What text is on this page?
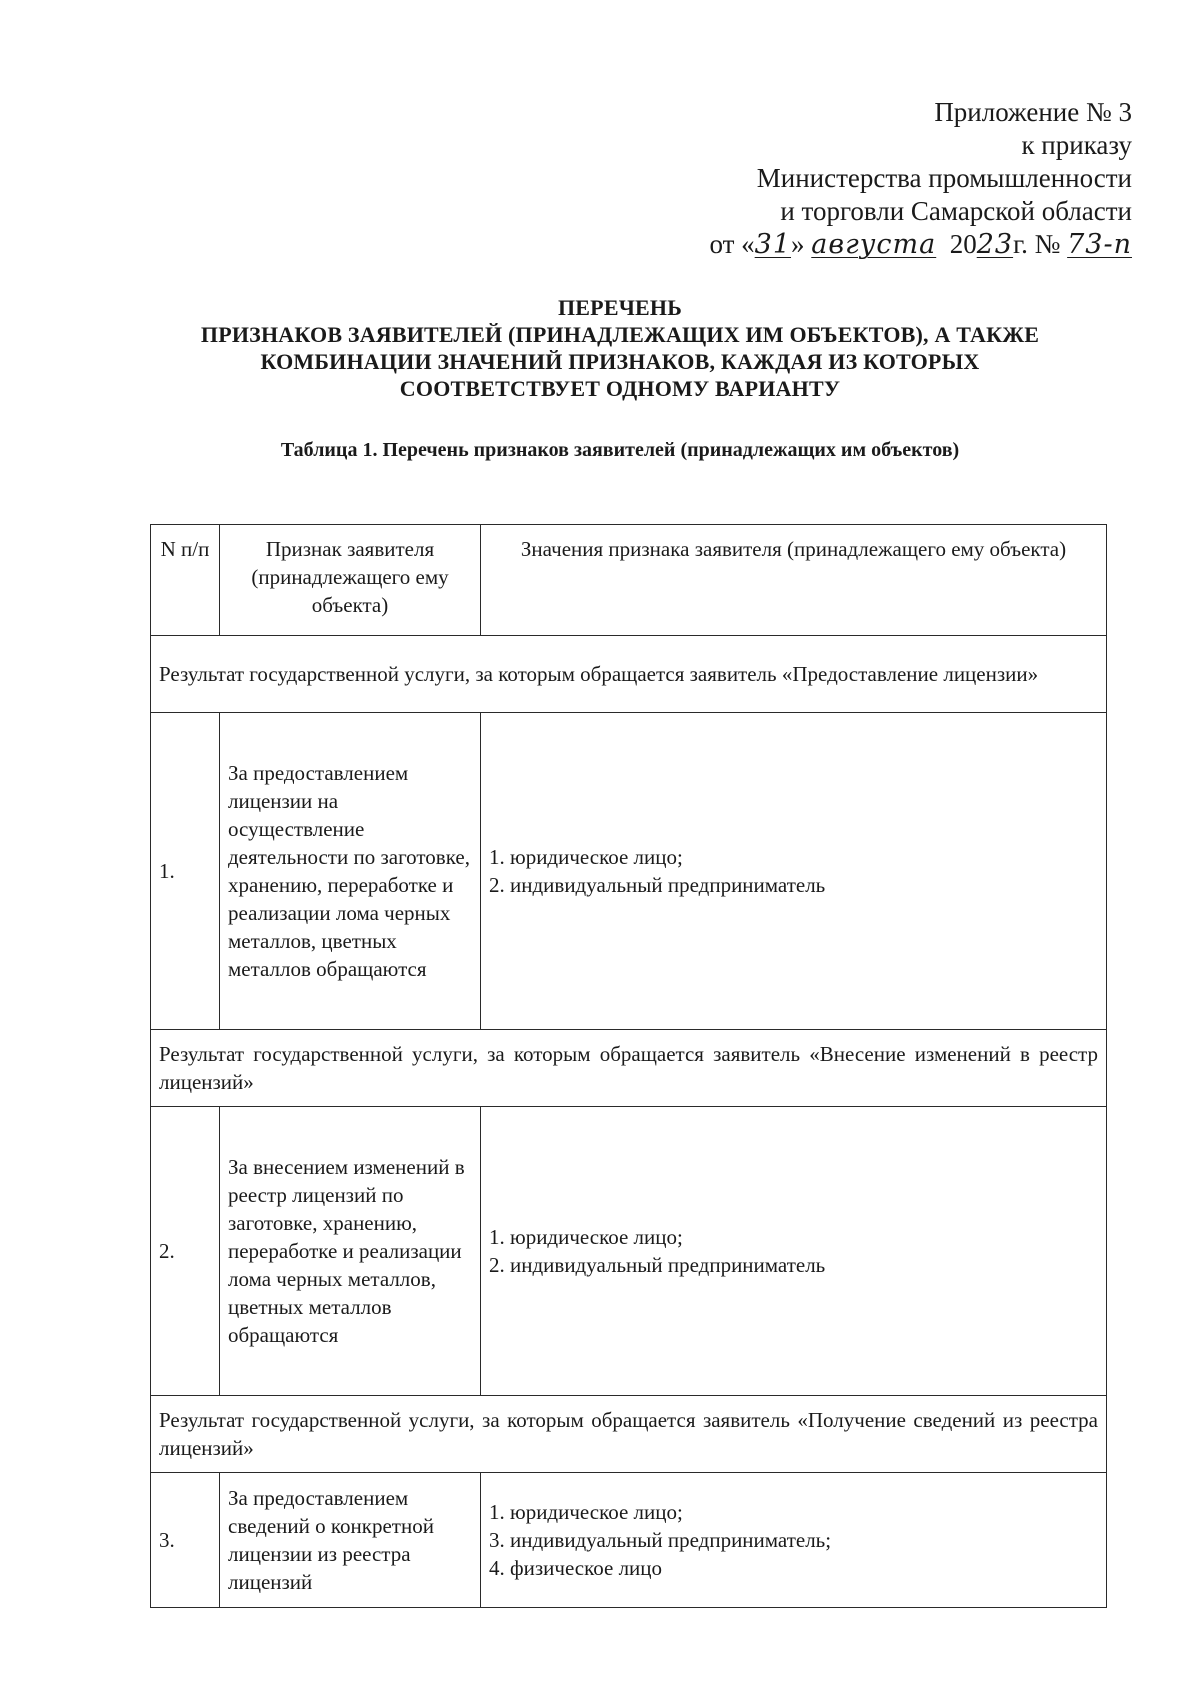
Приложение № 3
к приказу
Министерства промышленности
и торговли Самарской области
от «31» августа 2023г. № 73-п
ПЕРЕЧЕНЬ
ПРИЗНАКОВ ЗАЯВИТЕЛЕЙ (ПРИНАДЛЕЖАЩИХ ИМ ОБЪЕКТОВ), А ТАКЖЕ
КОМБИНАЦИИ ЗНАЧЕНИЙ ПРИЗНАКОВ, КАЖДАЯ ИЗ КОТОРЫХ
СООТВЕТСТВУЕТ ОДНОМУ ВАРИАНТУ
Таблица 1. Перечень признаков заявителей (принадлежащих им объектов)
N п/п	Признак заявителя (принадлежащего ему объекта)	Значения признака заявителя (принадлежащего ему объекта)
Результат государственной услуги, за которым обращается заявитель «Предоставление лицензии»		
1.	За предоставлением лицензии на осуществление деятельности по заготовке, хранению, переработке и реализации лома черных металлов, цветных металлов обращаются	1. юридическое лицо;
2. индивидуальный предприниматель

Результат государственной услуги, за которым обращается заявитель «Внесение изменений в реестр лицензий»		
2.	За внесением изменений в реестр лицензий по заготовке, хранению, переработке и реализации лома черных металлов, цветных металлов обращаются	1. юридическое лицо;
2. индивидуальный предприниматель

Результат государственной услуги, за которым обращается заявитель «Получение сведений из реестра лицензий»		
3.	За предоставлением сведений о конкретной лицензии из реестра лицензий	1. юридическое лицо;
3. индивидуальный предприниматель;
4. физическое лицо
